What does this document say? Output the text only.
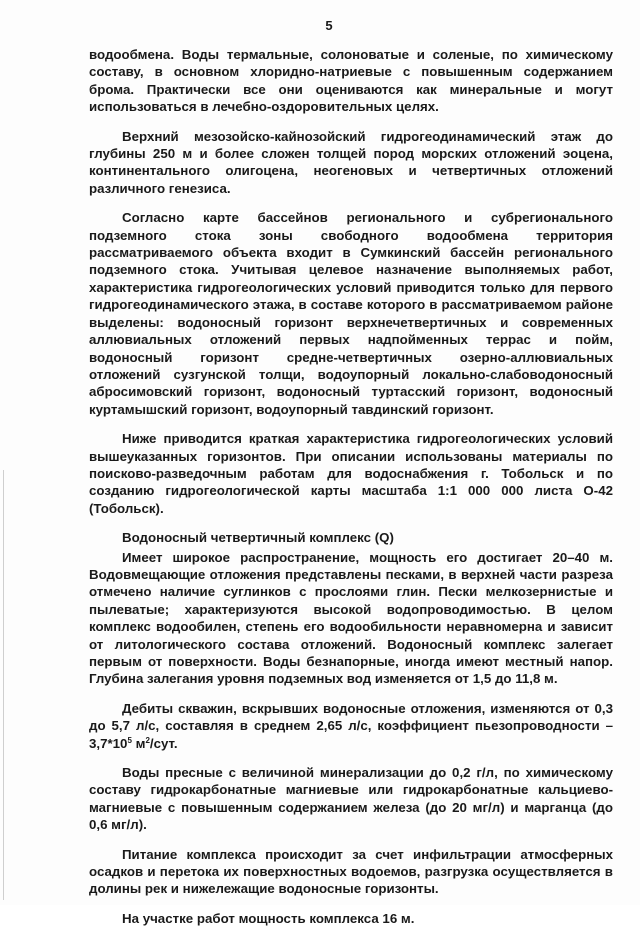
5

водообмена. Воды термальные, солоноватые и соленые, по химическому составу, в основном хлоридно-натриевые с повышенным содержанием брома. Практически все они оцениваются как минеральные и могут использоваться в лечебно-оздоровительных целях.

Верхний мезозойско-кайнозойский гидрогеодинамический этаж до глубины 250 м и более сложен толщей пород морских отложений эоцена, континентального олигоцена, неогеновых и четвертичных отложений различного генезиса.

Согласно карте бассейнов регионального и субрегионального подземного стока зоны свободного водообмена территория рассматриваемого объекта входит в Сумкинский бассейн регионального подземного стока. Учитывая целевое назначение выполняемых работ, характеристика гидрогеологических условий приводится только для первого гидрогеодинамического этажа, в составе которого в рассматриваемом районе выделены: водоносный горизонт верхнечетвертичных и современных аллювиальных отложений первых надпойменных террас и пойм, водоносный горизонт средне-четвертичных озерно-аллювиальных отложений сузгунской толщи, водоупорный локально-слабоводоносный абросимовский горизонт, водоносный туртасский горизонт, водоносный куртамышский горизонт, водоупорный тавдинский горизонт.

Ниже приводится краткая характеристика гидрогеологических условий вышеуказанных горизонтов. При описании использованы материалы по поисково-разведочным работам для водоснабжения г. Тобольск и по созданию гидрогеологической карты масштаба 1:1 000 000 листа О-42 (Тобольск).

Водоносный четвертичный комплекс (Q)

Имеет широкое распространение, мощность его достигает 20–40 м. Водовмещающие отложения представлены песками, в верхней части разреза отмечено наличие суглинков с прослоями глин. Пески мелкозернистые и пылеватые; характеризуются высокой водопроводимостью. В целом комплекс водообилен, степень его водообильности неравномерна и зависит от литологического состава отложений. Водоносный комплекс залегает первым от поверхности. Воды безнапорные, иногда имеют местный напор. Глубина залегания уровня подземных вод изменяется от 1,5 до 11,8 м.

Дебиты скважин, вскрывших водоносные отложения, изменяются от 0,3 до 5,7 л/с, составляя в среднем 2,65 л/с, коэффициент пьезопроводности – $3,7*10^5$ $м^2$/сут.

Воды пресные с величиной минерализации до 0,2 г/л, по химическому составу гидрокарбонатные магниевые или гидрокарбонатные кальциево-магниевые с повышенным содержанием железа (до 20 мг/л) и марганца (до 0,6 мг/л).

Питание комплекса происходит за счет инфильтрации атмосферных осадков и перетока их поверхностных водоемов, разгрузка осуществляется в долины рек и нижележащие водоносные горизонты.

На участке работ мощность комплекса 16 м.
